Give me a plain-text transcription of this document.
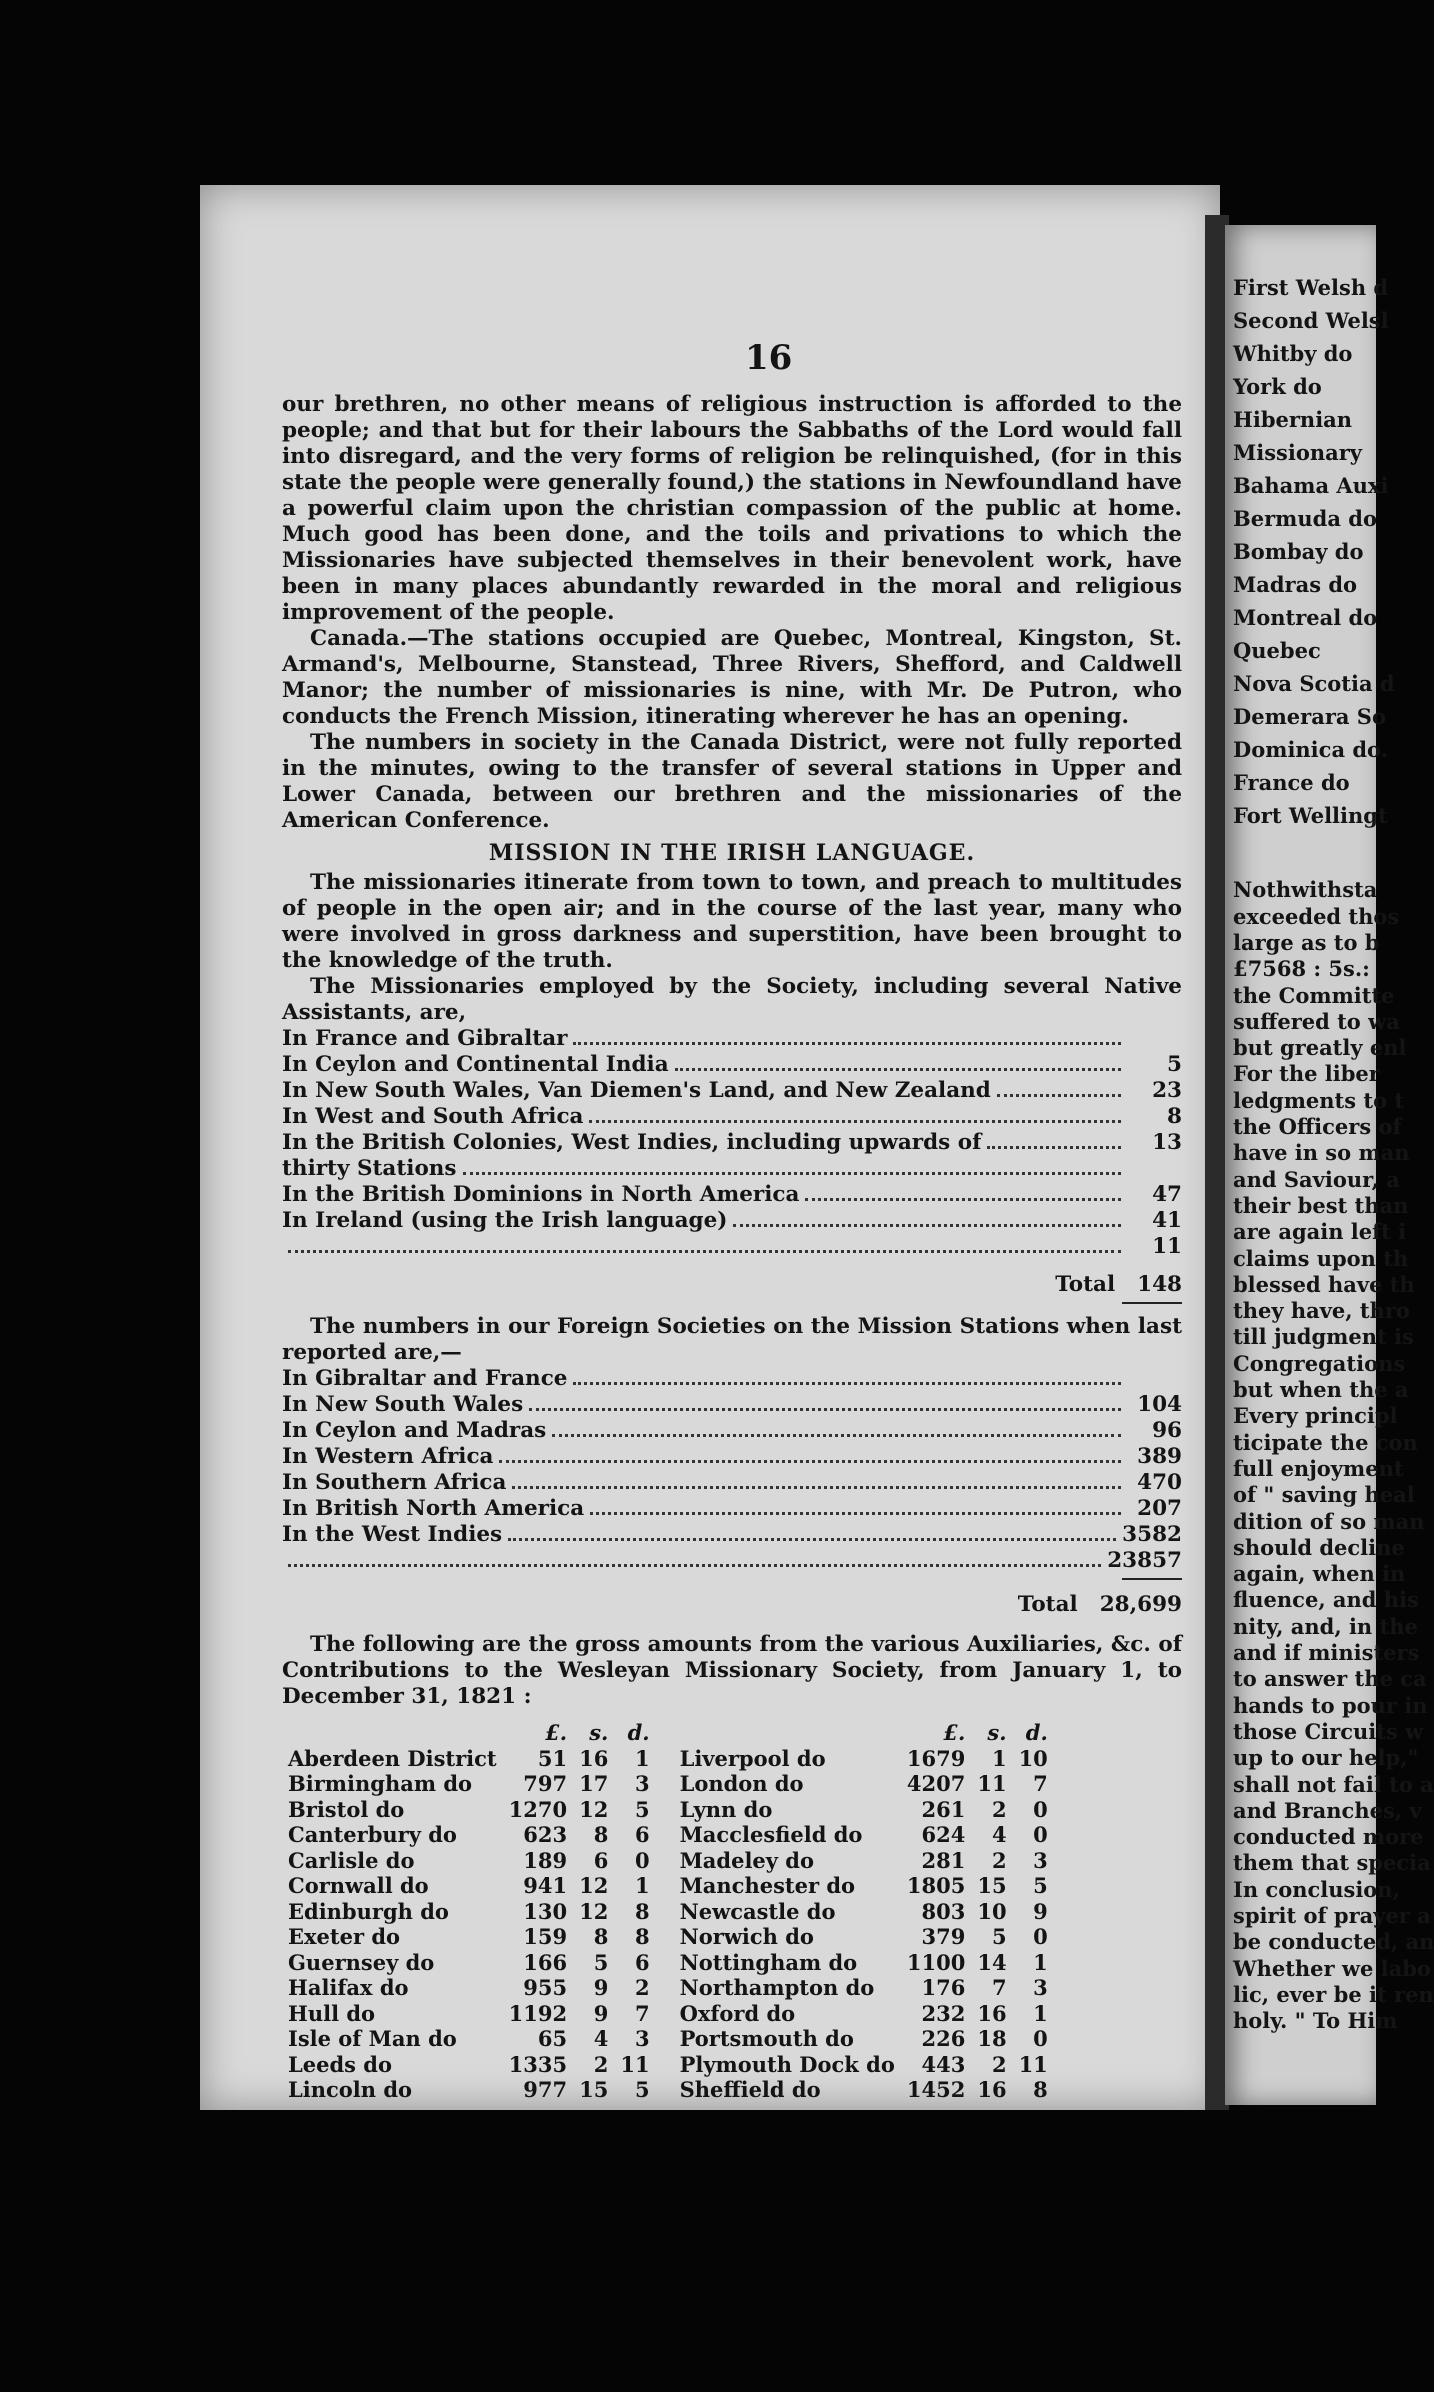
First Welsh d
Second Welsl
Whitby do
York do
Hibernian
Missionary
Bahama Auxi
Bermuda do
Bombay do
Madras do
Montreal do
Quebec
Nova Scotia d
Demerara So
Dominica do.
France do
Fort Wellingt
Nothwithsta
exceeded thos
large as to b
£7568 : 5s.:
the Committe
suffered to wa
but greatly enl
For the liber
ledgments to t
the Officers of
have in so man
and Saviour, a
their best than
are again left i
claims upon th
blessed have th
they have, thro
till judgment is
Congregations
but when the a
Every principl
ticipate the con
full enjoyment
of " saving heal
dition of so man
should decline
again, when in
fluence, and his
nity, and, in the
and if ministers
to answer the ca
hands to pour in
those Circuits w
up to our help,"
shall not fail to a
and Branches, v
conducted more
them that specia
In conclusion,
spirit of prayer a
be conducted, an
Whether we labo
lic, ever be it ren
holy. " To Him
16

our brethren, no other means of religious instruction is afforded to the people; and that but for their labours the Sabbaths of the Lord would fall into disregard, and the very forms of religion be relinquished, (for in this state the people were generally found,) the stations in Newfoundland have a powerful claim upon the christian compassion of the public at home. Much good has been done, and the toils and privations to which the Missionaries have subjected themselves in their benevolent work, have been in many places abundantly rewarded in the moral and religious improvement of the people.

Canada.—The stations occupied are Quebec, Montreal, Kingston, St. Armand's, Melbourne, Stanstead, Three Rivers, Shefford, and Caldwell Manor; the number of missionaries is nine, with Mr. De Putron, who conducts the French Mission, itinerating wherever he has an opening.

The numbers in society in the Canada District, were not fully reported in the minutes, owing to the transfer of several stations in Upper and Lower Canada, between our brethren and the missionaries of the American Conference.

MISSION IN THE IRISH LANGUAGE.

The missionaries itinerate from town to town, and preach to multitudes of people in the open air; and in the course of the last year, many who were involved in gross darkness and superstition, have been brought to the knowledge of the truth.

The Missionaries employed by the Society, including several Native Assistants, are,

In France and Gibraltar
In Ceylon and Continental India	5
In New South Wales, Van Diemen's Land, and New Zealand	23
In West and South Africa	8
In the British Colonies, West Indies, including upwards of	13
thirty Stations
In the British Dominions in North America	47
In Ireland (using the Irish language)	41
11
Total 148

The numbers in our Foreign Societies on the Mission Stations when last reported are,—

In Gibraltar and France
In New South Wales	104
In Ceylon and Madras	96
In Western Africa	389
In Southern Africa	470
In British North America	207
In the West Indies	3582
23857
Total 28,699

The following are the gross amounts from the various Auxiliaries, &c. of Contributions to the Wesleyan Missionary Society, from January 1, to December 31, 1821 :

	£.	s.	d.
Aberdeen District	51	16	1
Birmingham do	797	17	3
Bristol do	1270	12	5
Canterbury do	623	8	6
Carlisle do	189	6	0
Cornwall do	941	12	1
Edinburgh do	130	12	8
Exeter do	159	8	8
Guernsey do	166	5	6
Halifax do	955	9	2
Hull do	1192	9	7
Isle of Man do	65	4	3
Leeds do	1335	2	11
Lincoln do	977	15	5
	£.	s.	d.
Liverpool do	1679	1	10
London do	4207	11	7
Lynn do	261	2	0
Macclesfield do	624	4	0
Madeley do	281	2	3
Manchester do	1805	15	5
Newcastle do	803	10	9
Norwich do	379	5	0
Nottingham do	1100	14	1
Northampton do	176	7	3
Oxford do	232	16	1
Portsmouth do	226	18	0
Plymouth Dock do	443	2	11
Sheffield do	1452	16	8
